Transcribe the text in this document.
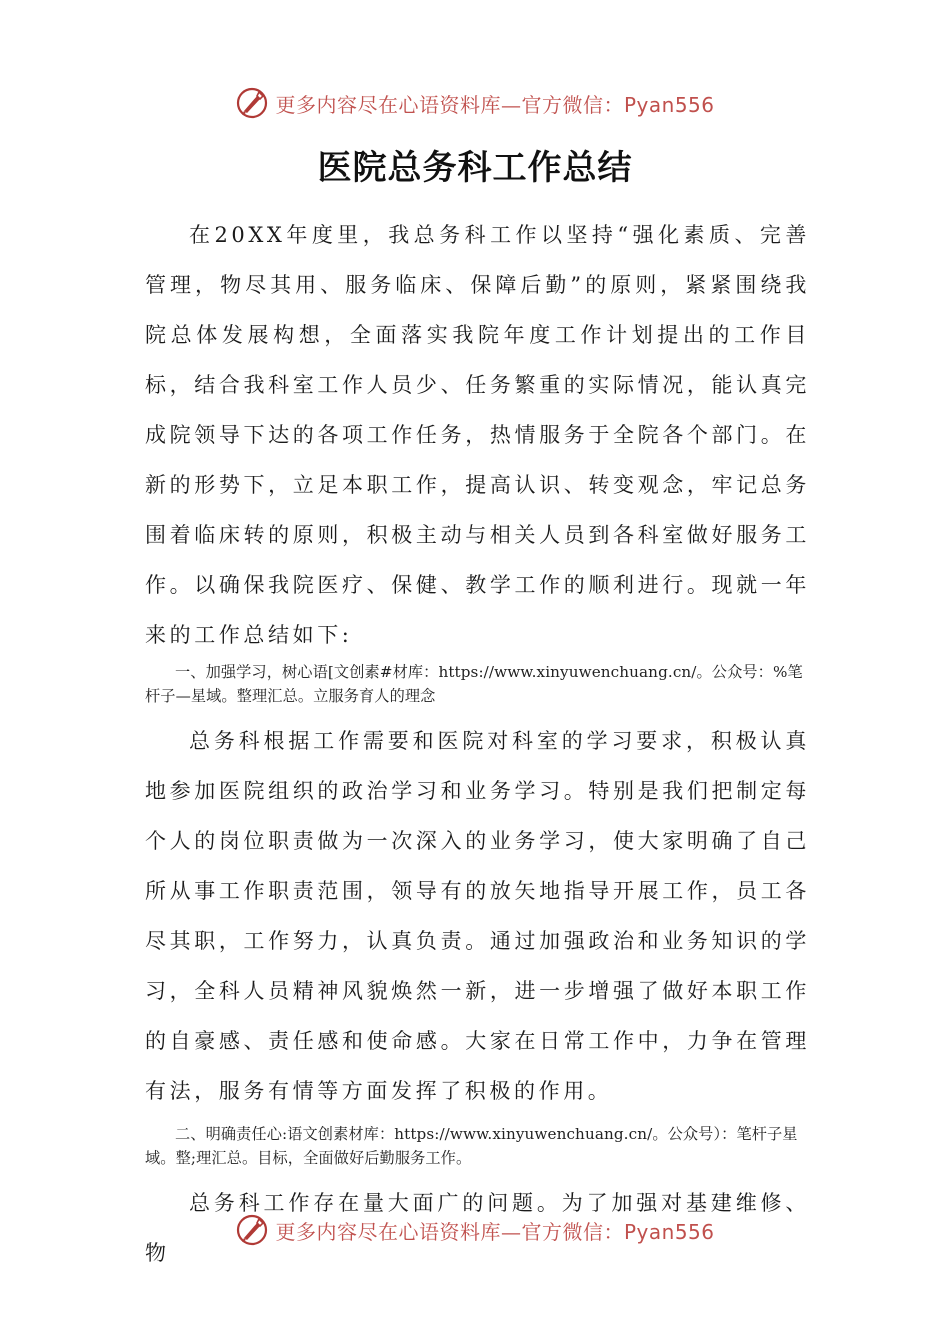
更多内容尽在心语资料库—官方微信：Pyan556
医院总务科工作总结

在20XX年度里，我总务科工作以坚持“强化素质、完善管理，物尽其用、服务临床、保障后勤”的原则，紧紧围绕我院总体发展构想，全面落实我院年度工作计划提出的工作目标，结合我科室工作人员少、任务繁重的实际情况，能认真完成院领导下达的各项工作任务，热情服务于全院各个部门。在新的形势下，立足本职工作，提高认识、转变观念，牢记总务围着临床转的原则，积极主动与相关人员到各科室做好服务工作。以确保我院医疗、保健、教学工作的顺利进行。现就一年来的工作总结如下:

一、加强学习，树心语[文创素#材库：https://www.xinyuwenchuang.cn/。公众号：%笔杆子—星域。整理汇总。立服务育人的理念

总务科根据工作需要和医院对科室的学习要求，积极认真地参加医院组织的政治学习和业务学习。特别是我们把制定每个人的岗位职责做为一次深入的业务学习，使大家明确了自己所从事工作职责范围，领导有的放矢地指导开展工作，员工各尽其职，工作努力，认真负责。通过加强政治和业务知识的学习，全科人员精神风貌焕然一新，进一步增强了做好本职工作的自豪感、责任感和使命感。大家在日常工作中，力争在管理有法，服务有情等方面发挥了积极的作用。

二、明确责任心:语文创素材库：https://www.xinyuwenchuang.cn/。公众号）：笔杆子星域。整;理汇总。目标，全面做好后勤服务工作。

总务科工作存在量大面广的问题。为了加强对基建维修、物

更多内容尽在心语资料库—官方微信：Pyan556
